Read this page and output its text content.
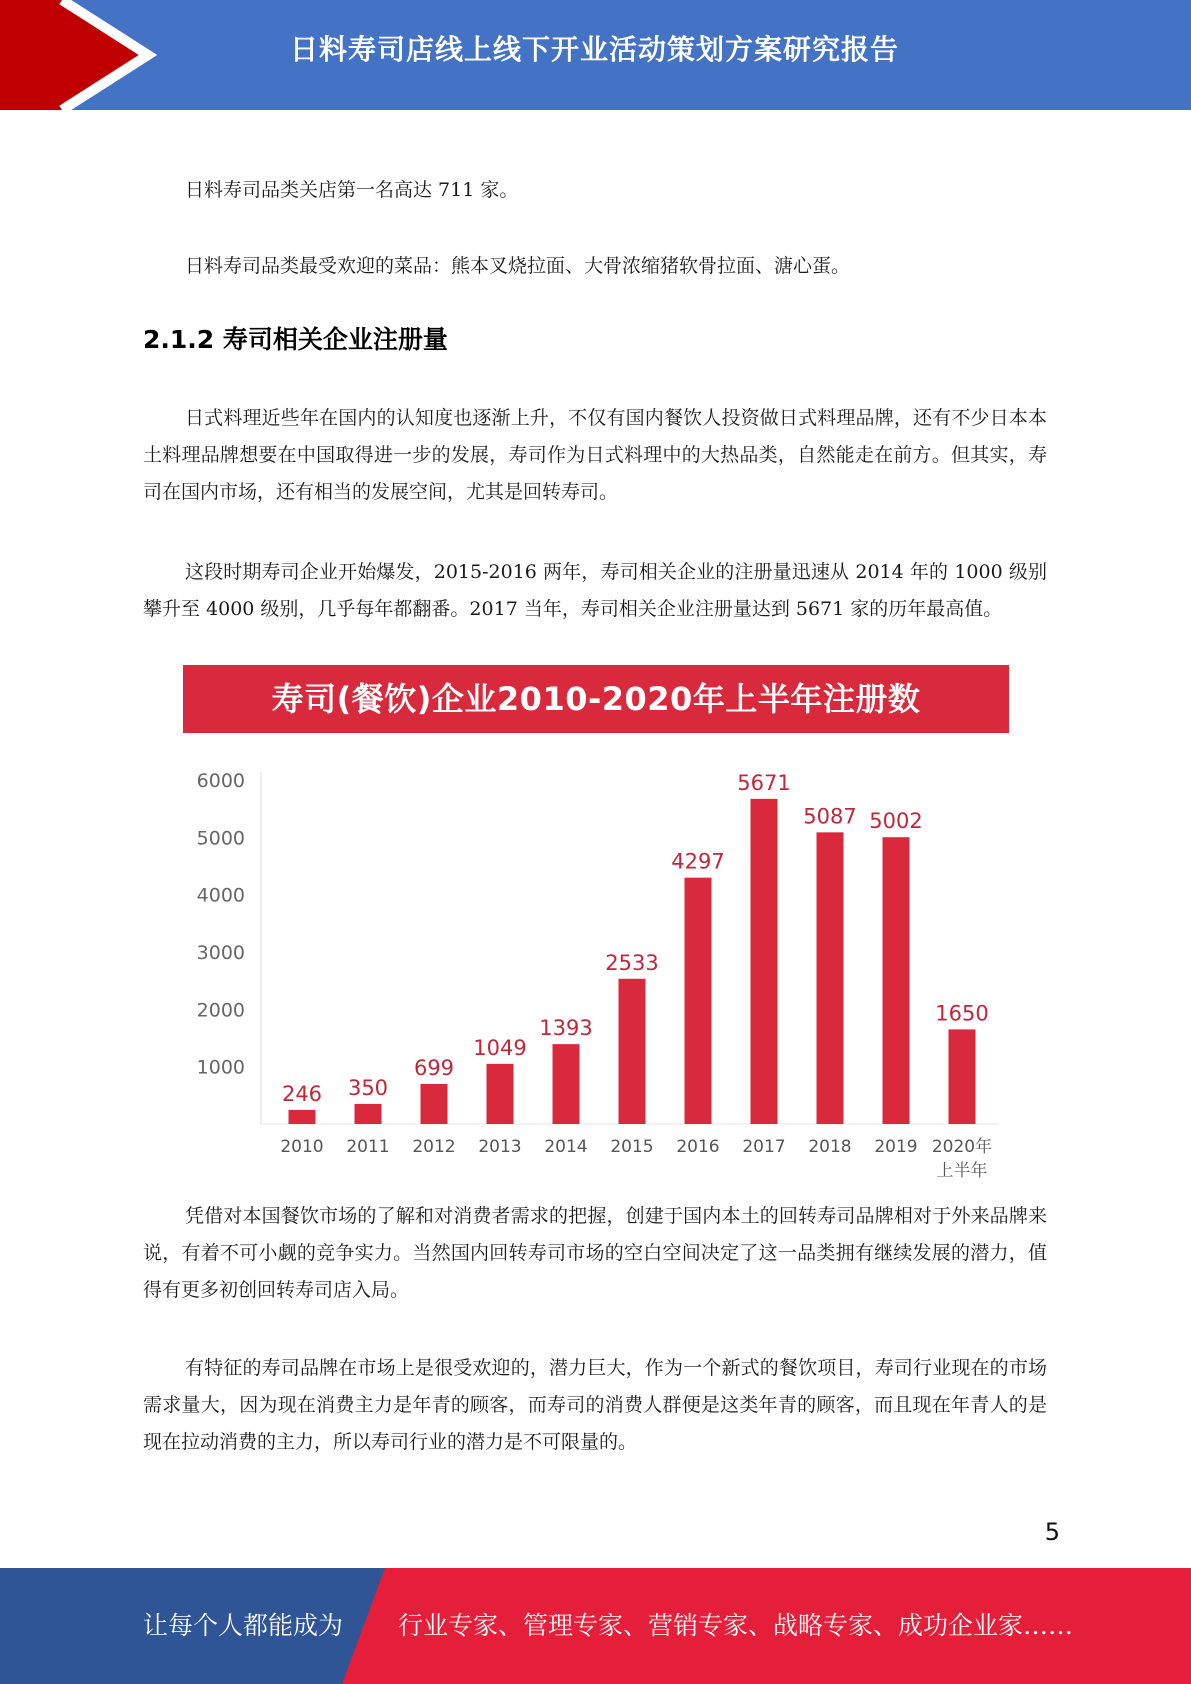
日料寿司店线上线下开业活动策划方案研究报告

日料寿司品类关店第一名高达 711 家。

日料寿司品类最受欢迎的菜品：熊本叉烧拉面、大骨浓缩猪软骨拉面、溏心蛋。

2.1.2 寿司相关企业注册量

日式料理近些年在国内的认知度也逐渐上升，不仅有国内餐饮人投资做日式料理品牌，还有不少日本本土料理品牌想要在中国取得进一步的发展，寿司作为日式料理中的大热品类，自然能走在前方。但其实，寿司在国内市场，还有相当的发展空间，尤其是回转寿司。

这段时期寿司企业开始爆发，2015-2016 两年，寿司相关企业的注册量迅速从 2014 年的 1000 级别攀升至 4000 级别，几乎每年都翻番。2017 当年，寿司相关企业注册量达到 5671 家的历年最高值。

寿司(餐饮)企业2010-2020年上半年注册数
1000
2000
3000
4000
5000
6000
246
2010
350
2011
699
2012
1049
2013
1393
2014
2533
2015
4297
2016
5671
2017
5087
2018
5002
2019
1650
2020年
上半年

凭借对本国餐饮市场的了解和对消费者需求的把握，创建于国内本土的回转寿司品牌相对于外来品牌来说，有着不可小觑的竞争实力。当然国内回转寿司市场的空白空间决定了这一品类拥有继续发展的潜力，值得有更多初创回转寿司店入局。

有特征的寿司品牌在市场上是很受欢迎的，潜力巨大，作为一个新式的餐饮项目，寿司行业现在的市场需求量大，因为现在消费主力是年青的顾客，而寿司的消费人群便是这类年青的顾客，而且现在年青人的是现在拉动消费的主力，所以寿司行业的潜力是不可限量的。

5
让每个人都能成为 行业专家、管理专家、营销专家、战略专家、成功企业家……
